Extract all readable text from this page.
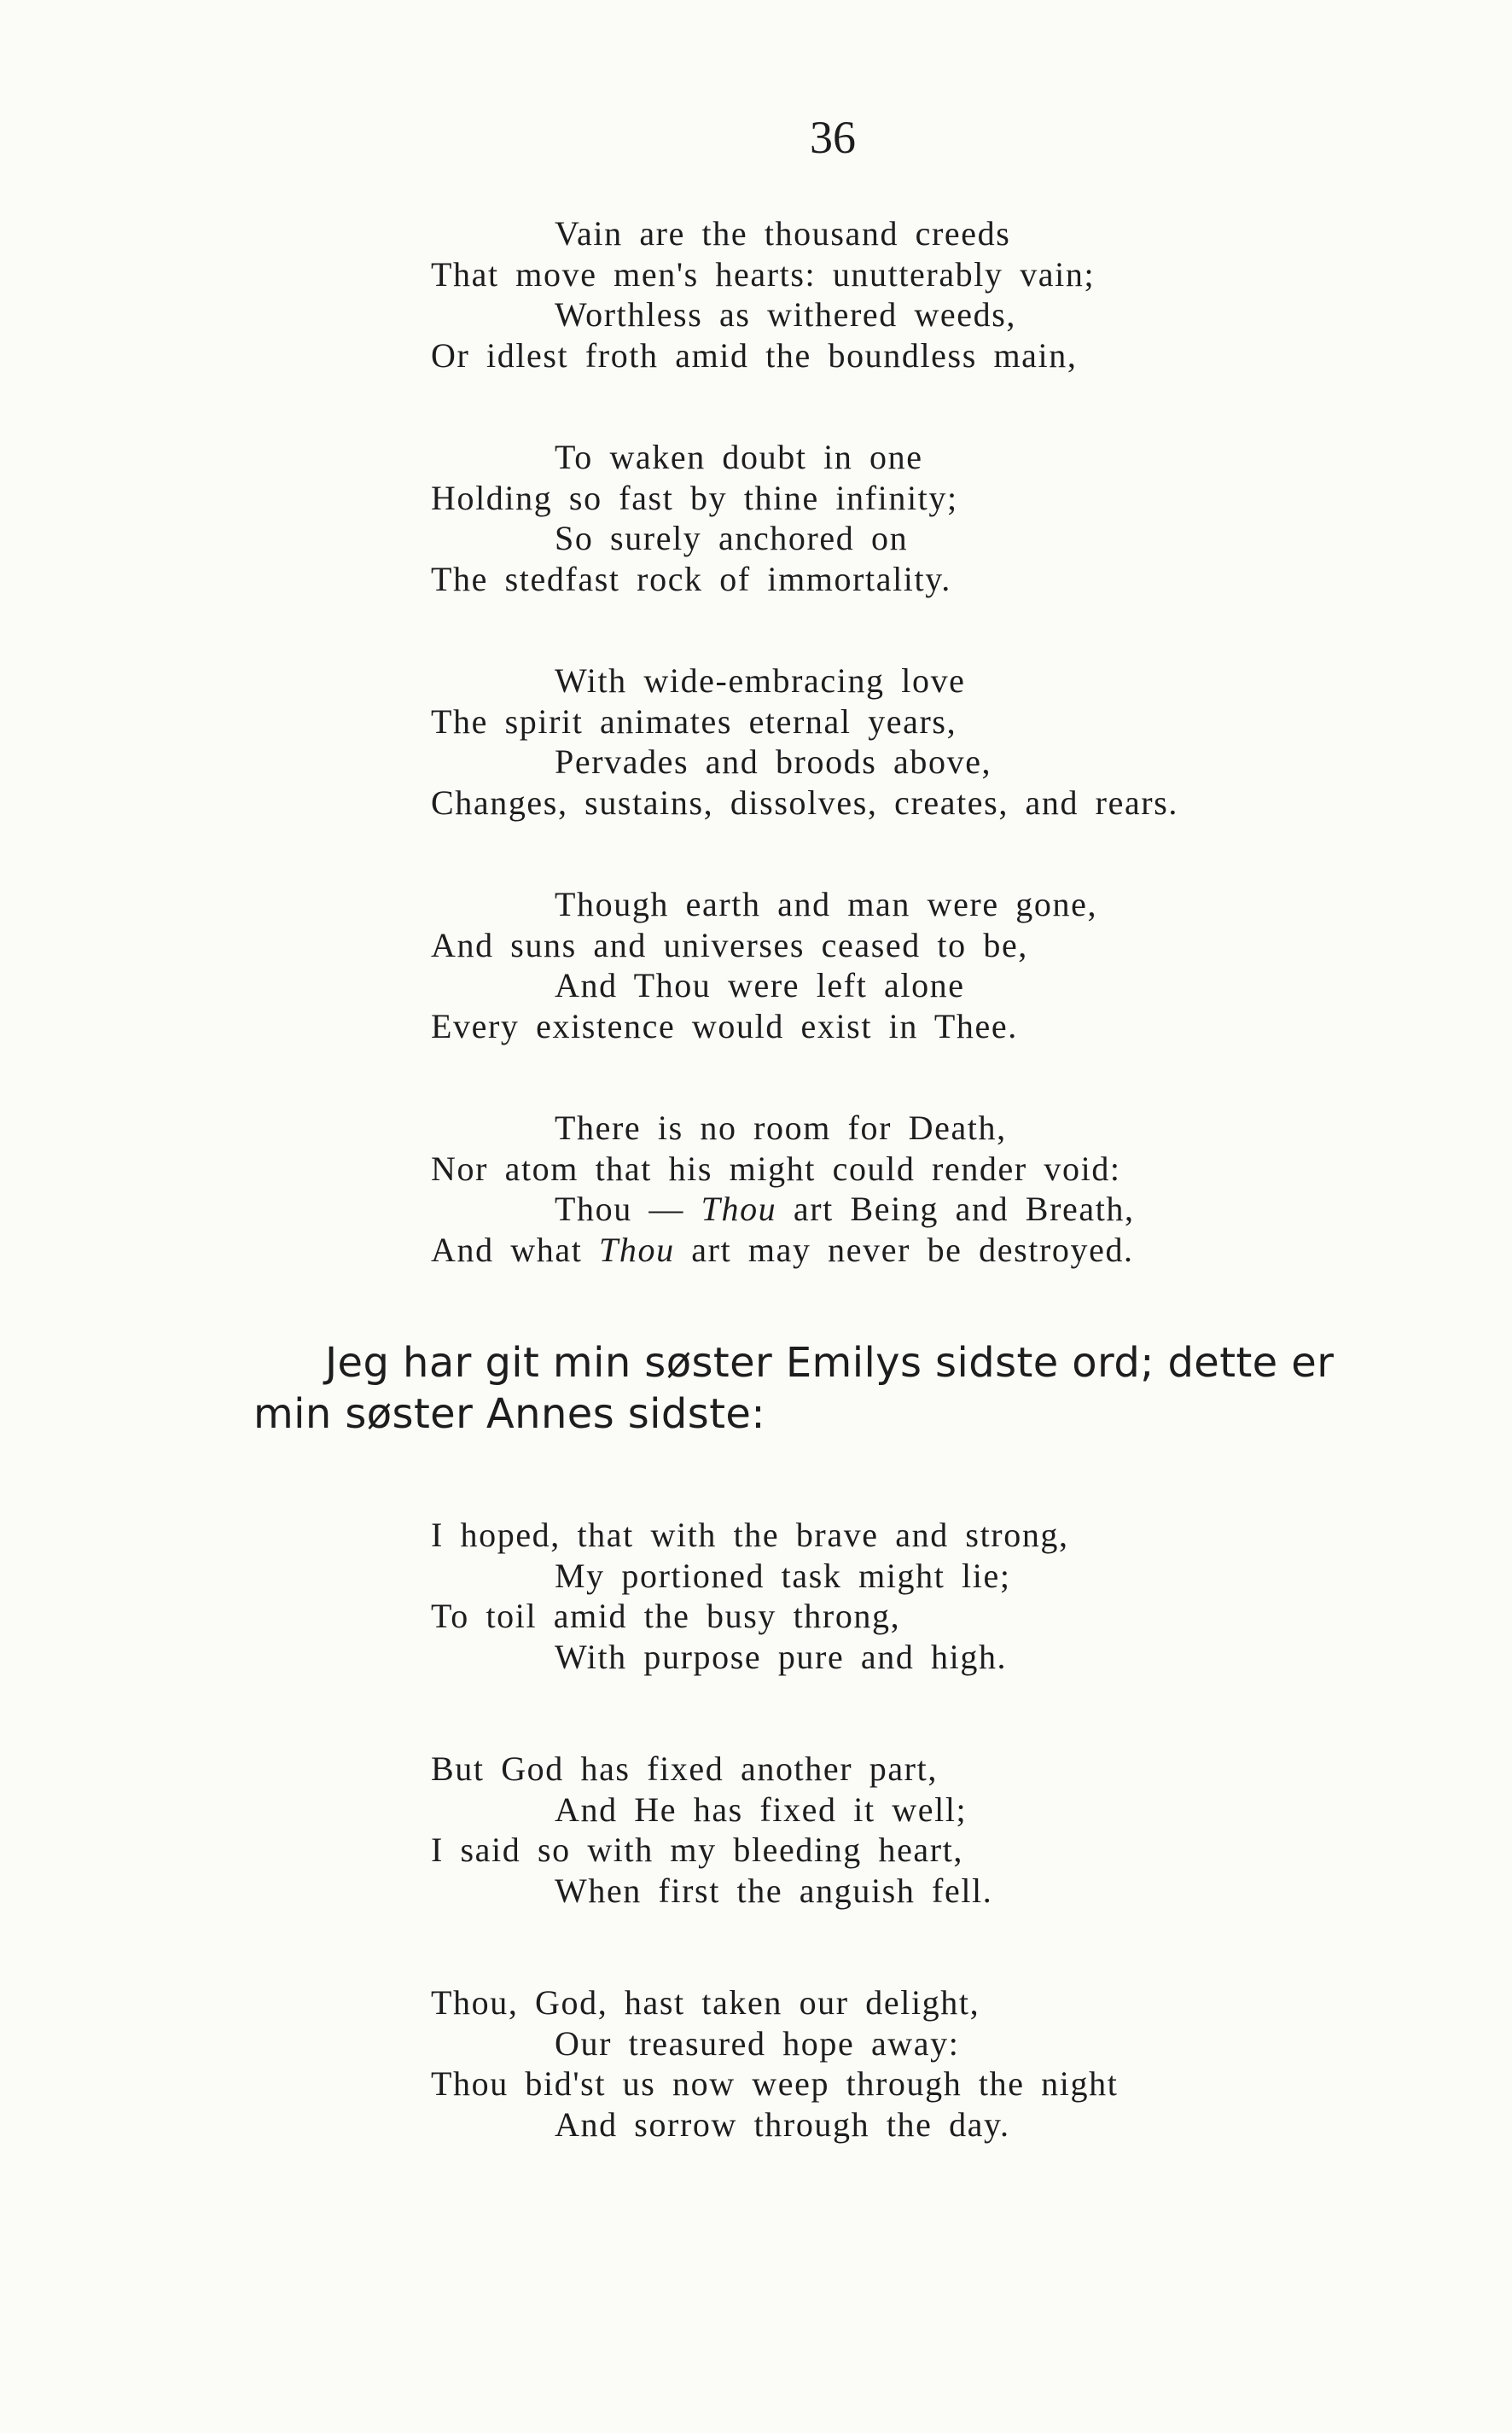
36
Vain are the thousand creeds
That move men's hearts: unutterably vain;
Worthless as withered weeds,
Or idlest froth amid the boundless main,
To waken doubt in one
Holding so fast by thine infinity;
So surely anchored on
The stedfast rock of immortality.
With wide-embracing love
The spirit animates eternal years,
Pervades and broods above,
Changes, sustains, dissolves, creates, and rears.
Though earth and man were gone,
And suns and universes ceased to be,
And Thou were left alone
Every existence would exist in Thee.
There is no room for Death,
Nor atom that his might could render void:
Thou — Thou art Being and Breath,
And what Thou art may never be destroyed.
Jeg har git min søster Emilys sidste ord; dette er
min søster Annes sidste:
I hoped, that with the brave and strong,
My portioned task might lie;
To toil amid the busy throng,
With purpose pure and high.
But God has fixed another part,
And He has fixed it well;
I said so with my bleeding heart,
When first the anguish fell.
Thou, God, hast taken our delight,
Our treasured hope away:
Thou bid'st us now weep through the night
And sorrow through the day.
